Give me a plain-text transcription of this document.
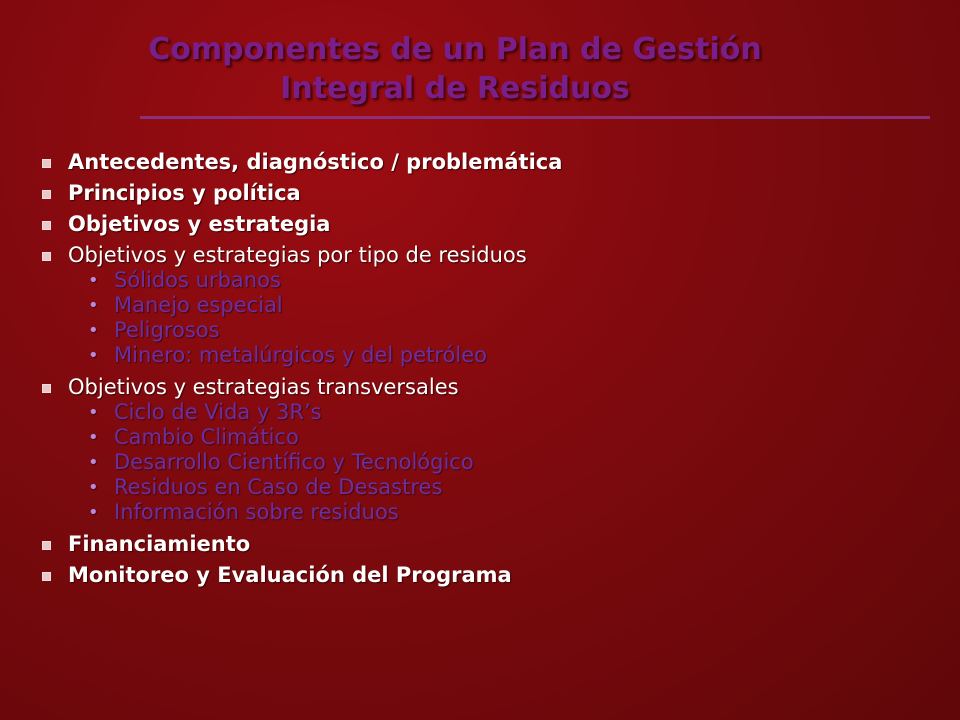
Componentes de un Plan de Gestión
Integral de Residuos
Antecedentes, diagnóstico / problemática
Principios y política
Objetivos y estrategia
Objetivos y estrategias por tipo de residuos
• Sólidos urbanos
• Manejo especial
• Peligrosos
• Minero: metalúrgicos y del petróleo
Objetivos y estrategias transversales
• Ciclo de Vida y 3R’s
• Cambio Climático
• Desarrollo Científico y Tecnológico
• Residuos en Caso de Desastres
• Información sobre residuos
Financiamiento
Monitoreo y Evaluación del Programa
